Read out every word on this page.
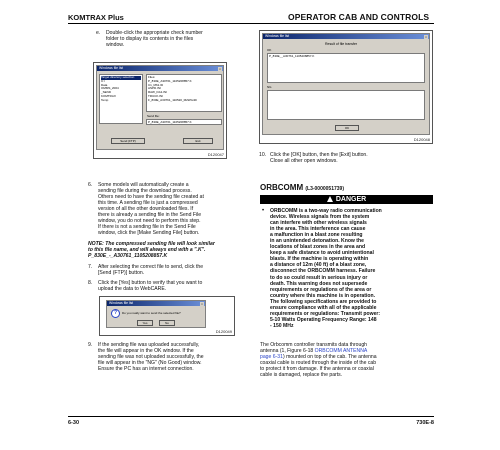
KOMTRAX Plus	OPERATOR CAB AND CONTROLS
6-30	730E-8
e. Double-click the appropriate check number
folder to display its contents in the files
window.
Windows file list	×
Target directory selection
C:\
Data
OMMS_2004
_SEND
KOMTRAX
Temp
Files:
P_830E_A30761_1105208857.K
C1_M61.ID
ASPD.INI
RAW_DA1.INI
TRUCK.INI
F_830E_A30761_110520_M2WG4D
Send file:
P_830E_A30761_1105208857.K
Send (FTP)	Exit
D120047
Windows file list	×
Result of file transfer
OK
P_830E__A30761_1105208857.K
NG
OK
D120048
10. Click the [OK] button, then the [Exit] button.
Close all other open windows.
6. Some models will automatically create a
sending file during the download process.
Others need to have the sending file created at
this time. A sending file is just a compressed
version of all the other downloaded files. If
there is already a sending file in the Send File
window, you do not need to perform this step.
If there is not a sending file in the Send File
window, click the [Make Sending File] button.
NOTE: The compressed sending file will look similar
to this file name, and will always end with a ".K".
P_830E_-_A30761_1105208857.K
7. After selecting the correct file to send, click the
[Send (FTP)] button.
8. Click the [Yes] button to verify that you want to
upload the data to WebCARE.
Windows file list	×
?	Do you really want to send the selected file?
Yes	No
D120049
9. If the sending file was uploaded successfully,
the file will appear in the OK window. If the
sending file was not uploaded successfully, the
file will appear in the "NG" (No Good) window.
Ensure the PC has an internet connection.
ORBCOMM (L3-0000051739)
DANGER
• ORBCOMM is a two-way radio communication
device. Wireless signals from the system
can interfere with other wireless signals
in the area. This interference can cause
a malfunction in a blast zone resulting
in an unintended detonation. Know the
locations of blast zones in the area and
keep a safe distance to avoid unintentional
blasts. If the machine is operating within
a distance of 12m (40 ft) of a blast zone,
disconnect the ORBCOMM harness. Failure
to do so could result in serious injury or
death. This warning does not supersede
requirements or regulations of the area or
country where this machine is in operation.
The following specifications are provided to
ensure compliance with all of the applicable
requirements or regulations: Transmit power:
5-10 Watts Operating Frequency Range: 148
- 150 MHz
The Orbcomm controller transmits data through
antenna (1, Figure 6-18 ORBCOMM ANTENNA
page 6-31) mounted on top of the cab. The antenna
coaxial cable is routed through the inside of the cab
to protect it from damage. If the antenna or coaxial
cable is damaged, replace the parts.
